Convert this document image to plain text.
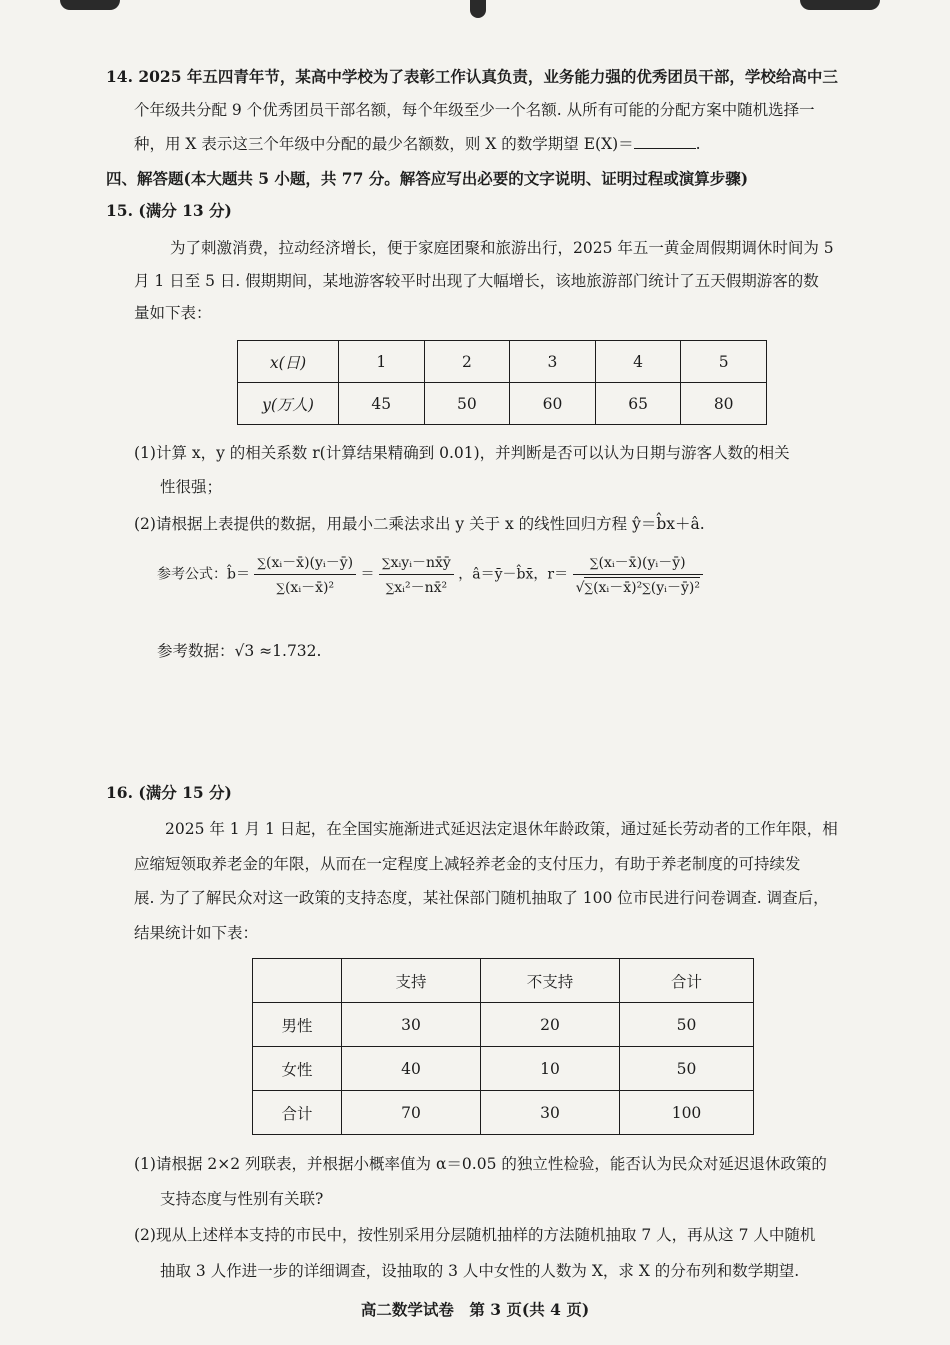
14. 2025 年五四青年节，某高中学校为了表彰工作认真负责，业务能力强的优秀团员干部，学校给高中三
个年级共分配 9 个优秀团员干部名额，每个年级至少一个名额. 从所有可能的分配方案中随机选择一
种，用 X 表示这三个年级中分配的最少名额数，则 X 的数学期望 E(X)＝	.
四、解答题(本大题共 5 小题，共 77 分。解答应写出必要的文字说明、证明过程或演算步骤)
15. (满分 13 分)
为了刺激消费，拉动经济增长，便于家庭团聚和旅游出行，2025 年五一黄金周假期调休时间为 5
月 1 日至 5 日. 假期期间，某地游客较平时出现了大幅增长，该地旅游部门统计了五天假期游客的数
量如下表：
x(日)	1	2	3	4	5
y(万人)	45	50	60	65	80
(1)计算 x，y 的相关系数 r(计算结果精确到 0.01)，并判断是否可以认为日期与游客人数的相关
性很强；
(2)请根据上表提供的数据，用最小二乘法求出 y 关于 x 的线性回归方程 ŷ＝b̂x＋â.
参考公式：b̂＝ $\frac{\text{∑(xᵢ－x̄)(yᵢ－ȳ)}}{\text{∑(xᵢ－x̄)²}} = \frac{\text{∑xᵢyᵢ－nx̄ȳ}}{\text{∑xᵢ²－nx̄²}}$ ，â＝ȳ－b̂x̄，$r= \frac{\text{∑(xᵢ－x̄)(yᵢ－ȳ)}}{\text{√∑(xᵢ－x̄)²∑(yᵢ－ȳ)²}}$
参考数据：√3 ≈1.732.
16. (满分 15 分)
2025 年 1 月 1 日起，在全国实施渐进式延迟法定退休年龄政策，通过延长劳动者的工作年限，相
应缩短领取养老金的年限，从而在一定程度上减轻养老金的支付压力，有助于养老制度的可持续发
展. 为了了解民众对这一政策的支持态度，某社保部门随机抽取了 100 位市民进行问卷调查. 调查后，
结果统计如下表：
	支持	不支持	合计
男性	30	20	50
女性	40	10	50
合计	70	30	100
(1)请根据 2×2 列联表，并根据小概率值为 α＝0.05 的独立性检验，能否认为民众对延迟退休政策的
支持态度与性别有关联?
(2)现从上述样本支持的市民中，按性别采用分层随机抽样的方法随机抽取 7 人，再从这 7 人中随机
抽取 3 人作进一步的详细调查，设抽取的 3 人中女性的人数为 X，求 X 的分布列和数学期望.
高二数学试卷　第 3 页(共 4 页)
